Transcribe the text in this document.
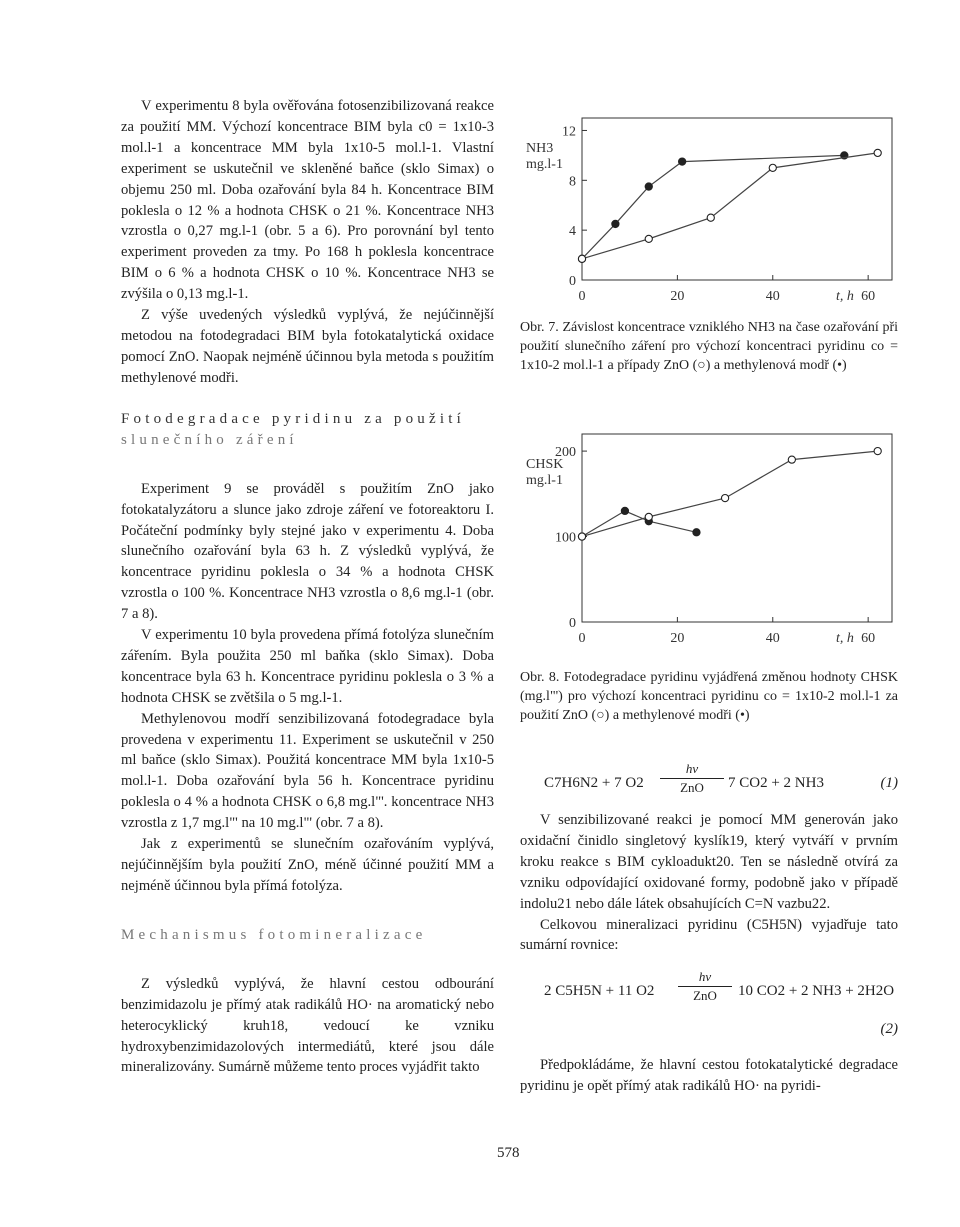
V experimentu 8 byla ověřována fotosenzibilizovaná reakce za použití MM. Výchozí koncentrace BIM byla c0 = 1x10-3 mol.l-1 a koncentrace MM byla 1x10-5 mol.l-1. Vlastní experiment se uskutečnil ve skleněné baňce (sklo Simax) o objemu 250 ml. Doba ozařování byla 84 h. Koncentrace BIM poklesla o 12 % a hodnota CHSK o 21 %. Koncentrace NH3 vzrostla o 0,27 mg.l-1 (obr. 5 a 6). Pro porovnání byl tento experiment proveden za tmy. Po 168 h poklesla koncentrace BIM o 6 % a hodnota CHSK o 10 %. Koncentrace NH3 se zvýšila o 0,13 mg.l-1.

Z výše uvedených výsledků vyplývá, že nejúčinnější metodou na fotodegradaci BIM byla fotokatalytická oxidace pomocí ZnO. Naopak nejméně účinnou byla metoda s použitím methylenové modři.

Fotodegradace pyridinu za použití
slunečního záření

Experiment 9 se prováděl s použitím ZnO jako fotokatalyzátoru a slunce jako zdroje záření ve fotoreaktoru I. Počáteční podmínky byly stejné jako v experimentu 4. Doba slunečního ozařování byla 63 h. Z výsledků vyplývá, že koncentrace pyridinu poklesla o 34 % a hodnota CHSK vzrostla o 100 %. Koncentrace NH3 vzrostla o 8,6 mg.l-1 (obr. 7 a 8).

V experimentu 10 byla provedena přímá fotolýza slunečním zářením. Byla použita 250 ml baňka (sklo Simax). Doba koncentrace byla 63 h. Koncentrace pyridinu poklesla o 3 % a hodnota CHSK se zvětšila o 5 mg.l-1.

Methylenovou modří senzibilizovaná fotodegradace byla provedena v experimentu 11. Experiment se uskutečnil v 250 ml baňce (sklo Simax). Použitá koncentrace MM byla 1x10-5 mol.l-1. Doba ozařování byla 56 h. Koncentrace pyridinu poklesla o 4 % a hodnota CHSK o 6,8 mg.l"'. koncentrace NH3 vzrostla z 1,7 mg.l"' na 10 mg.l"' (obr. 7 a 8).

Jak z experimentů se slunečním ozařováním vyplývá, nejúčinnějším byla použití ZnO, méně účinné použití MM a nejméně účinnou byla přímá fotolýza.

Mechanismus fotomineralizace

Z výsledků vyplývá, že hlavní cestou odbourání benzimidazolu je přímý atak radikálů HO· na aromatický nebo heterocyklický kruh18, vedoucí ke vzniku hydroxybenzimidazolových intermediátů, které jsou dále mineralizovány. Sumárně můžeme tento proces vyjádřit takto

0	20	40	60
0
4
8
12
NH3
mg.l-1
t, h
Obr. 7. Závislost koncentrace vzniklého NH3 na čase ozařování při použití slunečního záření pro výchozí koncentraci pyridinu co = 1x10-2 mol.l-1 a případy ZnO (○) a methylenová modř (•)
0	20	40	60
0
100
200
CHSK
mg.l-1
t, h
Obr. 8. Fotodegradace pyridinu vyjádřená změnou hodnoty CHSK (mg.l"') pro výchozí koncentraci pyridinu co = 1x10-2 mol.l-1 za použití ZnO (○) a methylenové modři (•)
C7H6N2 + 7 O2
hν
ZnO	7 CO2 + 2 NH3	(1)

V senzibilizované reakci je pomocí MM generován jako oxidační činidlo singletový kyslík19, který vytváří v prvním kroku reakce s BIM cykloadukt20. Ten se následně otvírá za vzniku odpovídající oxidované formy, podobně jako v případě indolu21 nebo dále látek obsahujících C=N vazbu22.

Celkovou mineralizaci pyridinu (C5H5N) vyjadřuje tato sumární rovnice:

2 C5H5N + 11 O2
hν
ZnO	10 CO2 + 2 NH3 + 2H2O
(2)

Předpokládáme, že hlavní cestou fotokatalytické degradace pyridinu je opět přímý atak radikálů HO· na pyridi-

578
